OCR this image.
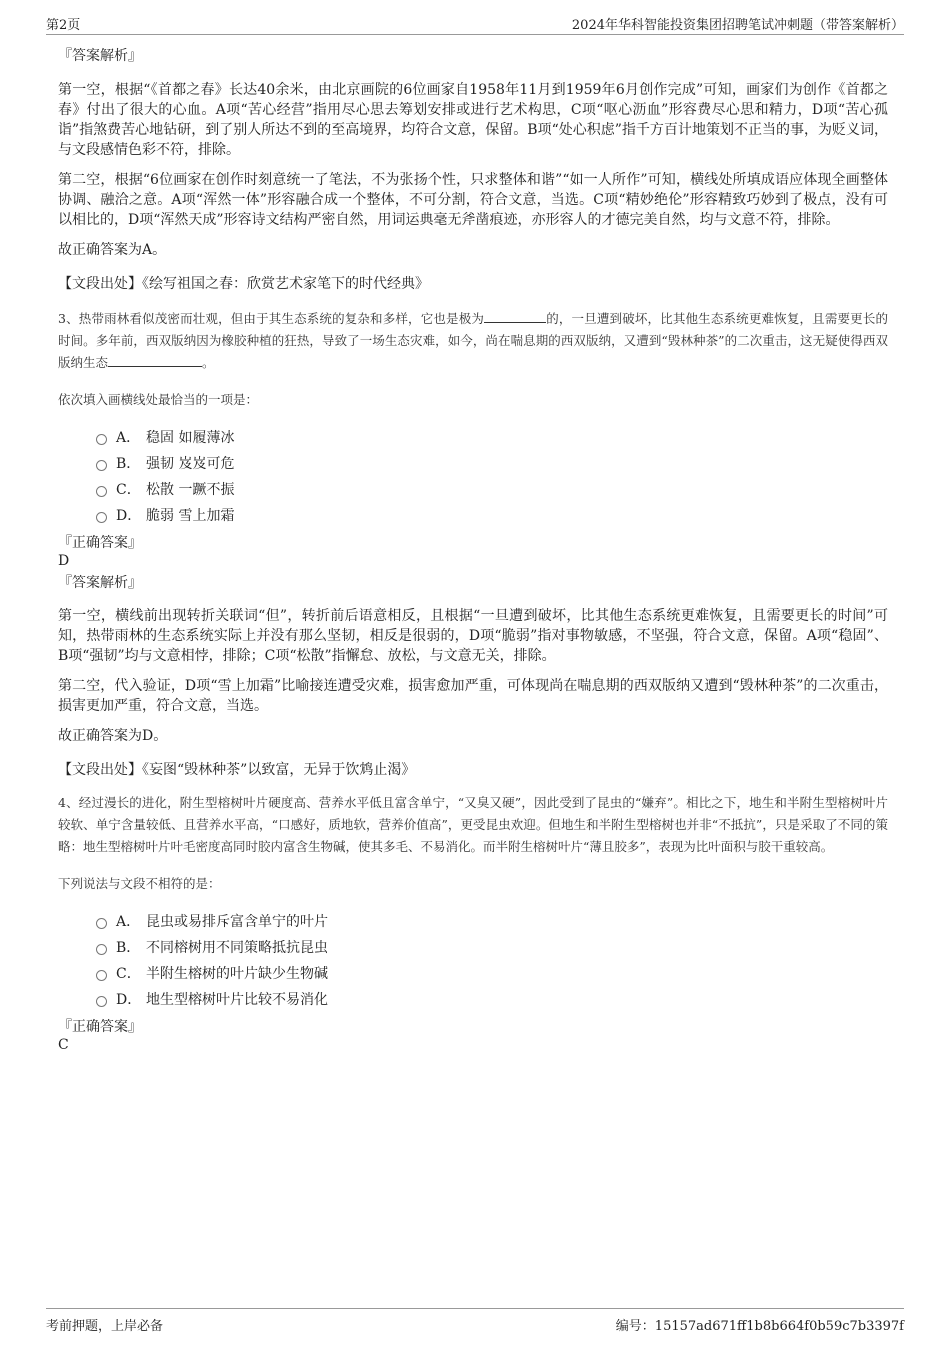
第2页	2024年华科智能投资集团招聘笔试冲刺题（带答案解析）

『答案解析』

第一空，根据“《首都之春》长达40余米，由北京画院的6位画家自1958年11月到1959年6月创作完成”可知，画家们为创作《首都之春》付出了很大的心血。A项“苦心经营”指用尽心思去筹划安排或进行艺术构思，C项“呕心沥血”形容费尽心思和精力，D项“苦心孤诣”指煞费苦心地钻研，到了别人所达不到的至高境界，均符合文意，保留。B项“处心积虑”指千方百计地策划不正当的事，为贬义词，与文段感情色彩不符，排除。

第二空，根据“6位画家在创作时刻意统一了笔法，不为张扬个性，只求整体和谐”“如一人所作”可知，横线处所填成语应体现全画整体协调、融洽之意。A项“浑然一体”形容融合成一个整体，不可分割，符合文意，当选。C项“精妙绝伦”形容精致巧妙到了极点，没有可以相比的，D项“浑然天成”形容诗文结构严密自然，用词运典毫无斧凿痕迹，亦形容人的才德完美自然，均与文意不符，排除。

故正确答案为A。

【文段出处】《绘写祖国之春：欣赏艺术家笔下的时代经典》

3、热带雨林看似茂密而壮观，但由于其生态系统的复杂和多样，它也是极为	的，一旦遭到破坏，比其他生态系统更难恢复，且需要更长的时间。多年前，西双版纳因为橡胶种植的狂热，导致了一场生态灾难，如今，尚在喘息期的西双版纳，又遭到“毁林种茶”的二次重击，这无疑使得西双版纳生态	。

依次填入画横线处最恰当的一项是：

A． 稳固 如履薄冰
B． 强韧 岌岌可危
C． 松散 一蹶不振
D． 脆弱 雪上加霜

『正确答案』

D

『答案解析』

第一空，横线前出现转折关联词“但”，转折前后语意相反，且根据“一旦遭到破坏，比其他生态系统更难恢复，且需要更长的时间”可知，热带雨林的生态系统实际上并没有那么坚韧，相反是很弱的，D项“脆弱”指对事物敏感，不坚强，符合文意，保留。A项“稳固”、B项“强韧”均与文意相悖，排除；C项“松散”指懈怠、放松，与文意无关，排除。

第二空，代入验证，D项“雪上加霜”比喻接连遭受灾难，损害愈加严重，可体现尚在喘息期的西双版纳又遭到“毁林种茶”的二次重击，损害更加严重，符合文意，当选。

故正确答案为D。

【文段出处】《妄图“毁林种茶”以致富，无异于饮鸩止渴》

4、经过漫长的进化，附生型榕树叶片硬度高、营养水平低且富含单宁，“又臭又硬”，因此受到了昆虫的“嫌弃”。相比之下，地生和半附生型榕树叶片较软、单宁含量较低、且营养水平高，“口感好，质地软，营养价值高”，更受昆虫欢迎。但地生和半附生型榕树也并非“不抵抗”，只是采取了不同的策略：地生型榕树叶片叶毛密度高同时胶内富含生物碱，使其多毛、不易消化。而半附生榕树叶片“薄且胶多”，表现为比叶面积与胶干重较高。

下列说法与文段不相符的是：

A． 昆虫或易排斥富含单宁的叶片
B． 不同榕树用不同策略抵抗昆虫
C． 半附生榕树的叶片缺少生物碱
D． 地生型榕树叶片比较不易消化

『正确答案』

C

考前押题，上岸必备	编号：15157ad671ff1b8b664f0b59c7b3397f
